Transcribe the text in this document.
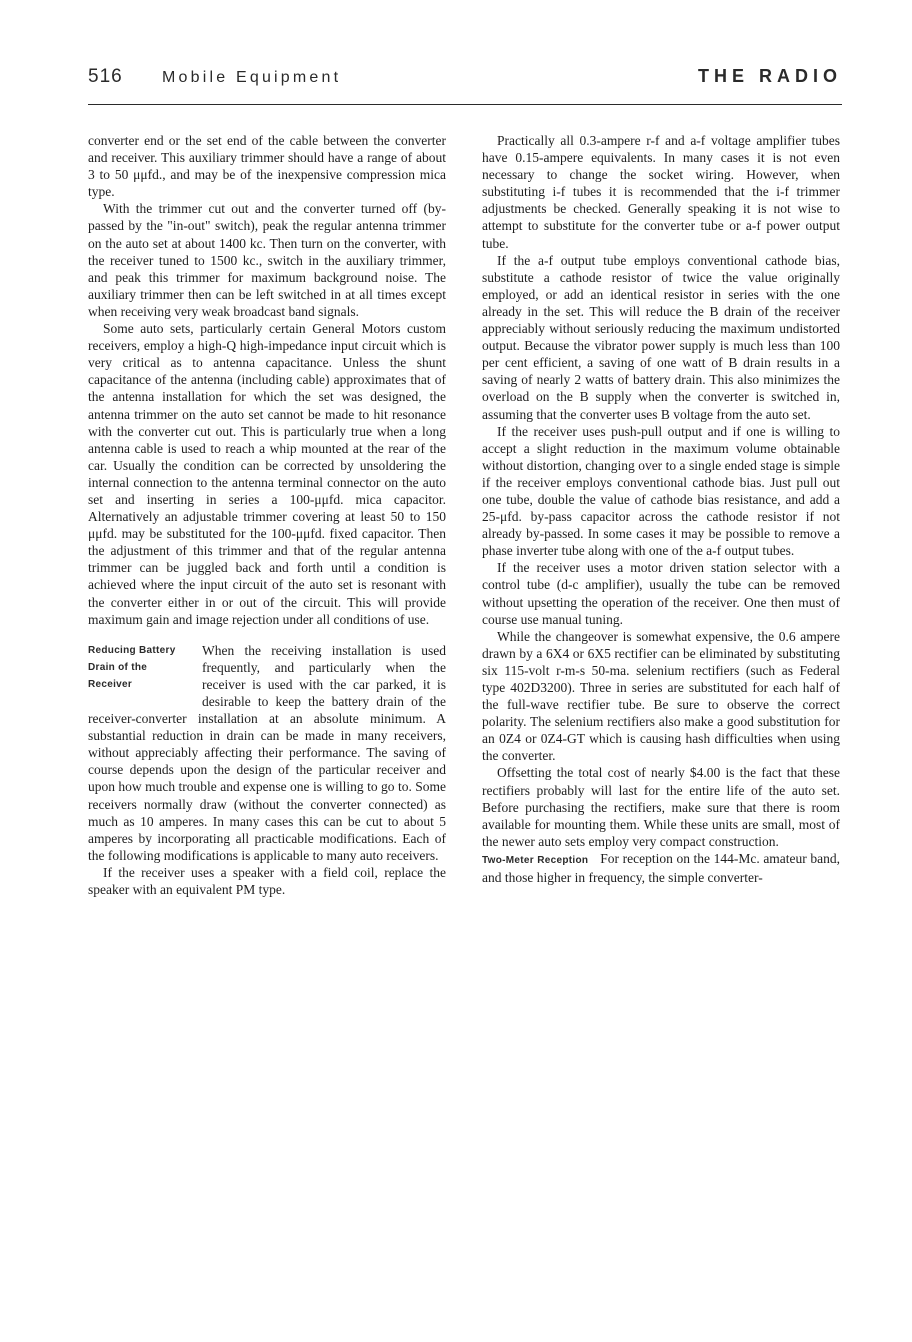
516 Mobile Equipment	THE RADIO

converter end or the set end of the cable between the converter and receiver. This auxiliary trimmer should have a range of about 3 to 50 μμfd., and may be of the inexpensive compression mica type.

With the trimmer cut out and the converter turned off (by-passed by the "in-out" switch), peak the regular antenna trimmer on the auto set at about 1400 kc. Then turn on the converter, with the receiver tuned to 1500 kc., switch in the auxiliary trimmer, and peak this trimmer for maximum background noise. The auxiliary trimmer then can be left switched in at all times except when receiving very weak broadcast band signals.

Some auto sets, particularly certain General Motors custom receivers, employ a high-Q high-impedance input circuit which is very critical as to antenna capacitance. Unless the shunt capacitance of the antenna (including cable) approximates that of the antenna installation for which the set was designed, the antenna trimmer on the auto set cannot be made to hit resonance with the converter cut out. This is particularly true when a long antenna cable is used to reach a whip mounted at the rear of the car. Usually the condition can be corrected by unsoldering the internal connection to the antenna terminal connector on the auto set and inserting in series a 100-μμfd. mica capacitor. Alternatively an adjustable trimmer covering at least 50 to 150 μμfd. may be substituted for the 100-μμfd. fixed capacitor. Then the adjustment of this trimmer and that of the regular antenna trimmer can be juggled back and forth until a condition is achieved where the input circuit of the auto set is resonant with the converter either in or out of the circuit. This will provide maximum gain and image rejection under all conditions of use.

Reducing Battery
Drain of the
Receiver

When the receiving installation is used frequently, and particularly when the receiver is used with the car parked, it is desirable to keep the battery drain of the receiver-converter installation at an absolute minimum. A substantial reduction in drain can be made in many receivers, without appreciably affecting their performance. The saving of course depends upon the design of the particular receiver and upon how much trouble and expense one is willing to go to. Some receivers normally draw (without the converter connected) as much as 10 amperes. In many cases this can be cut to about 5 amperes by incorporating all practicable modifications. Each of the following modifications is applicable to many auto receivers.

If the receiver uses a speaker with a field coil, replace the speaker with an equivalent PM type.

Practically all 0.3-ampere r-f and a-f voltage amplifier tubes have 0.15-ampere equivalents. In many cases it is not even necessary to change the socket wiring. However, when substituting i-f tubes it is recommended that the i-f trimmer adjustments be checked. Generally speaking it is not wise to attempt to substitute for the converter tube or a-f power output tube.

If the a-f output tube employs conventional cathode bias, substitute a cathode resistor of twice the value originally employed, or add an identical resistor in series with the one already in the set. This will reduce the B drain of the receiver appreciably without seriously reducing the maximum undistorted output. Because the vibrator power supply is much less than 100 per cent efficient, a saving of one watt of B drain results in a saving of nearly 2 watts of battery drain. This also minimizes the overload on the B supply when the converter is switched in, assuming that the converter uses B voltage from the auto set.

If the receiver uses push-pull output and if one is willing to accept a slight reduction in the maximum volume obtainable without distortion, changing over to a single ended stage is simple if the receiver employs conventional cathode bias. Just pull out one tube, double the value of cathode bias resistance, and add a 25-μfd. by-pass capacitor across the cathode resistor if not already by-passed. In some cases it may be possible to remove a phase inverter tube along with one of the a-f output tubes.

If the receiver uses a motor driven station selector with a control tube (d-c amplifier), usually the tube can be removed without upsetting the operation of the receiver. One then must of course use manual tuning.

While the changeover is somewhat expensive, the 0.6 ampere drawn by a 6X4 or 6X5 rectifier can be eliminated by substituting six 115-volt r-m-s 50-ma. selenium rectifiers (such as Federal type 402D3200). Three in series are substituted for each half of the full-wave rectifier tube. Be sure to observe the correct polarity. The selenium rectifiers also make a good substitution for an 0Z4 or 0Z4-GT which is causing hash difficulties when using the converter.

Offsetting the total cost of nearly $4.00 is the fact that these rectifiers probably will last for the entire life of the auto set. Before purchasing the rectifiers, make sure that there is room available for mounting them. While these units are small, most of the newer auto sets employ very compact construction.

Two-Meter Reception For reception on the 144-Mc. amateur band, and those higher in frequency, the simple converter-
